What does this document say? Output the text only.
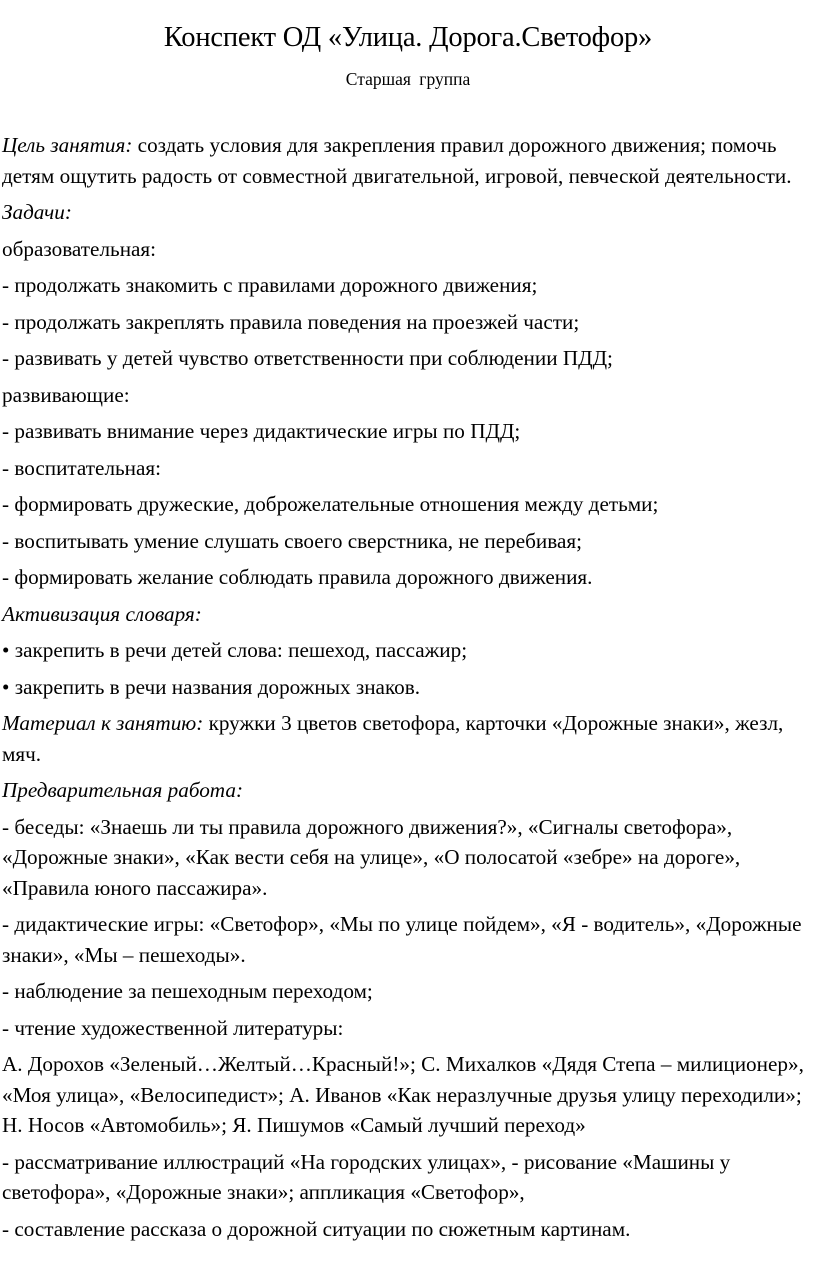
Конспект ОД «Улица. Дорога.Светофор»
Старшая группа

Цель занятия: создать условия для закрепления правил дорожного движения; помочь детям ощутить радость от совместной двигательной, игровой, певческой деятельности.

Задачи:

образовательная:

- продолжать знакомить с правилами дорожного движения;

- продолжать закреплять правила поведения на проезжей части;

- развивать у детей чувство ответственности при соблюдении ПДД;

развивающие:

- развивать внимание через дидактические игры по ПДД;

- воспитательная:

- формировать дружеские, доброжелательные отношения между детьми;

- воспитывать умение слушать своего сверстника, не перебивая;

- формировать желание соблюдать правила дорожного движения.

Активизация словаря:

• закрепить в речи детей слова: пешеход, пассажир;

• закрепить в речи названия дорожных знаков.

Материал к занятию: кружки 3 цветов светофора, карточки «Дорожные знаки», жезл, мяч.

Предварительная работа:

- беседы: «Знаешь ли ты правила дорожного движения?», «Сигналы светофора», «Дорожные знаки», «Как вести себя на улице», «О полосатой «зебре» на дороге», «Правила юного пассажира».

- дидактические игры: «Светофор», «Мы по улице пойдем», «Я - водитель», «Дорожные знаки», «Мы – пешеходы».

- наблюдение за пешеходным переходом;

- чтение художественной литературы:

А. Дорохов «Зеленый…Желтый…Красный!»; С. Михалков «Дядя Степа – милиционер», «Моя улица», «Велосипедист»; А. Иванов «Как неразлучные друзья улицу переходили»; Н. Носов «Автомобиль»; Я. Пишумов «Самый лучший переход»

- рассматривание иллюстраций «На городских улицах», - рисование «Машины у светофора», «Дорожные знаки»; аппликация «Светофор»,

- составление рассказа о дорожной ситуации по сюжетным картинам.
